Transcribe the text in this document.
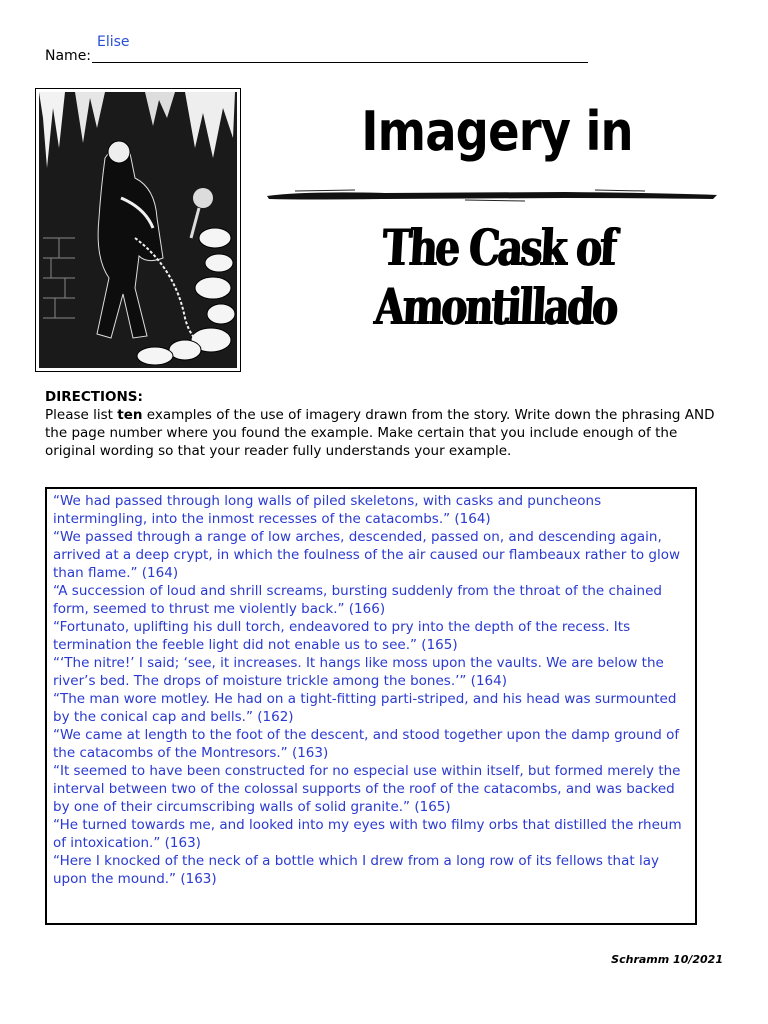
Name:
Elise
Imagery in
The Cask of Amontillado
DIRECTIONS:
Please list ten examples of the use of imagery drawn from the story. Write down the phrasing AND the page number where you found the example. Make certain that you include enough of the original wording so that your reader fully understands your example.
“We had passed through long walls of piled skeletons, with casks and puncheons intermingling, into the inmost recesses of the catacombs.” (164)
“We passed through a range of low arches, descended, passed on, and descending again, arrived at a deep crypt, in which the foulness of the air caused our flambeaux rather to glow than flame.” (164)
“A succession of loud and shrill screams, bursting suddenly from the throat of the chained form, seemed to thrust me violently back.” (166)
“Fortunato, uplifting his dull torch, endeavored to pry into the depth of the recess. Its termination the feeble light did not enable us to see.” (165)
“‘The nitre!’ I said; ‘see, it increases. It hangs like moss upon the vaults. We are below the river’s bed. The drops of moisture trickle among the bones.’” (164)
“The man wore motley. He had on a tight-fitting parti-striped, and his head was surmounted by the conical cap and bells.” (162)
“We came at length to the foot of the descent, and stood together upon the damp ground of the catacombs of the Montresors.” (163)
“It seemed to have been constructed for no especial use within itself, but formed merely the interval between two of the colossal supports of the roof of the catacombs, and was backed by one of their circumscribing walls of solid granite.” (165)
“He turned towards me, and looked into my eyes with two filmy orbs that distilled the rheum of intoxication.” (163)
“Here I knocked of the neck of a bottle which I drew from a long row of its fellows that lay upon the mound.” (163)
Schramm 10/2021
